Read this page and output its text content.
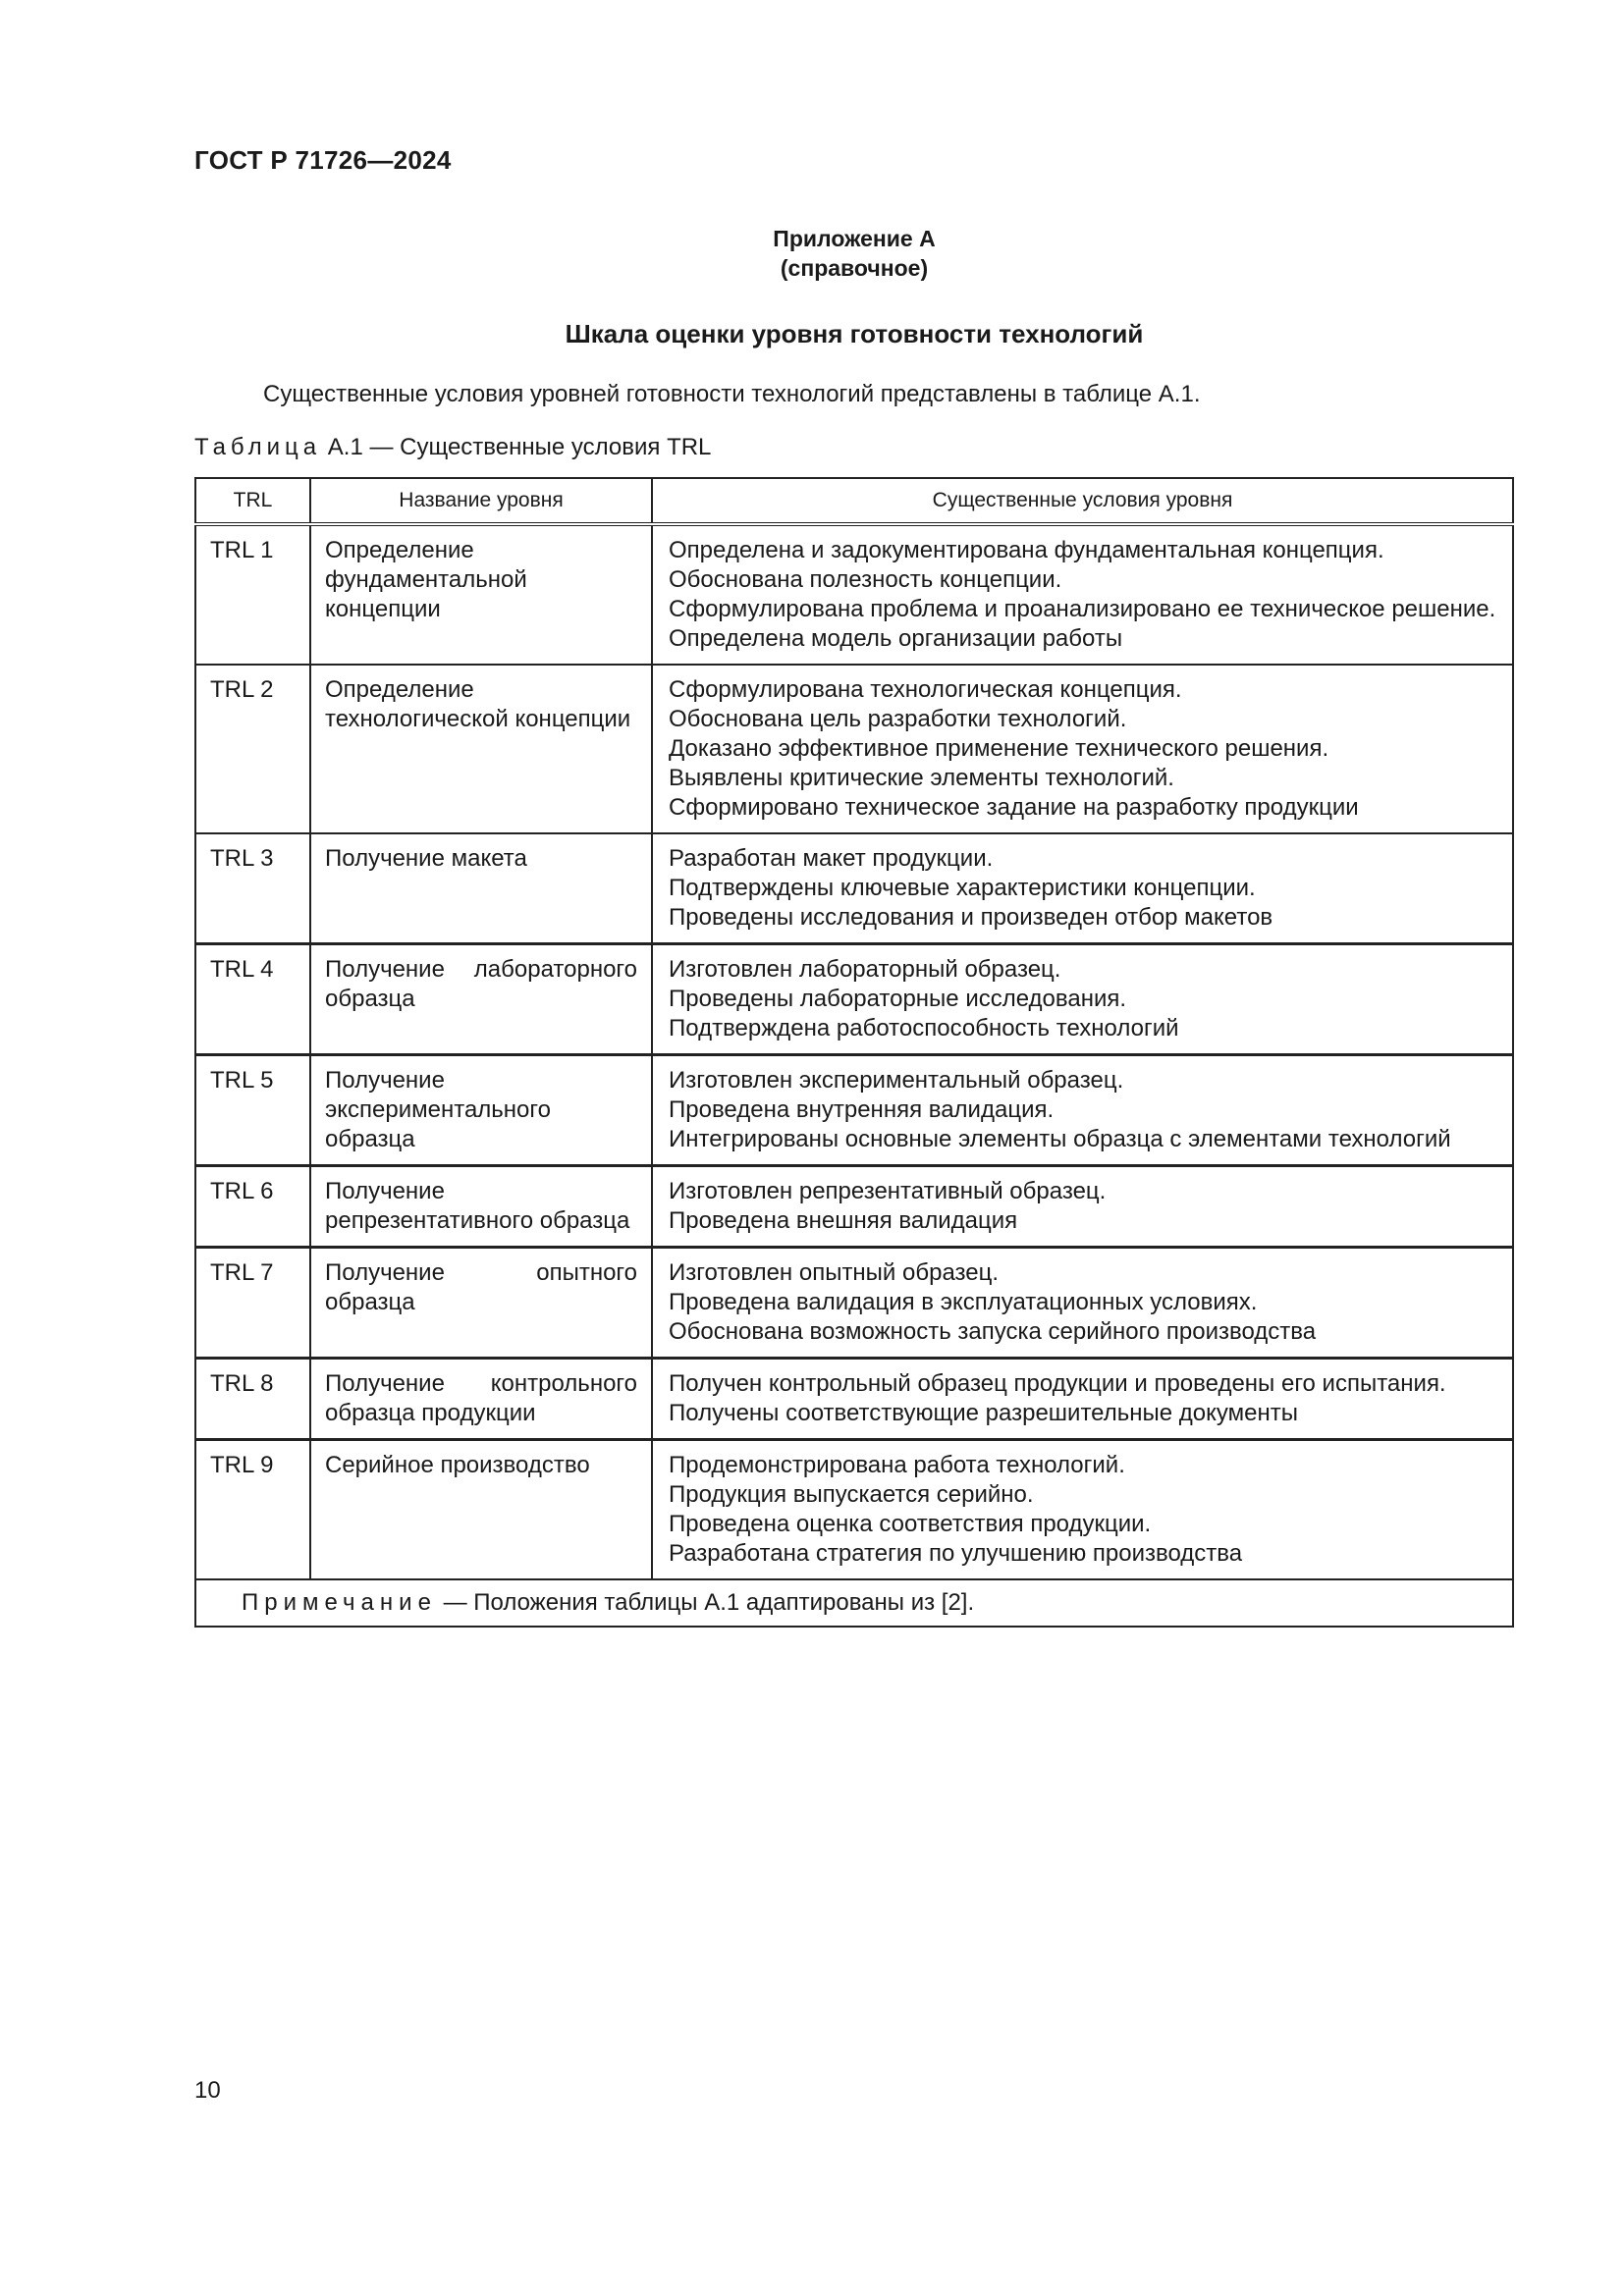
ГОСТ Р 71726—2024
Приложение А
(справочное)
Шкала оценки уровня готовности технологий
Существенные условия уровней готовности технологий представлены в таблице А.1.
Таблица А.1 — Существенные условия TRL
TRL	Название уровня	Существенные условия уровня
TRL 1	Определение фундаментальной концепции	Определена и задокументирована фундаментальная концепция.
Обоснована полезность концепции.
Сформулирована проблема и проанализировано ее техническое решение.
Определена модель организации работы

TRL 2	Определение технологической концепции	Сформулирована технологическая концепция.
Обоснована цель разработки технологий.
Доказано эффективное применение технического решения.
Выявлены критические элементы технологий.
Сформировано техническое задание на разработку продукции

TRL 3	Получение макета	Разработан макет продукции.
Подтверждены ключевые характеристики концепции.
Проведены исследования и произведен отбор макетов

TRL 4	Получение лабораторного образца	Изготовлен лабораторный образец.
Проведены лабораторные исследования.
Подтверждена работоспособность технологий

TRL 5	Получение экспериментального образца	Изготовлен экспериментальный образец.
Проведена внутренняя валидация.
Интегрированы основные элементы образца с элементами технологий

TRL 6	Получение репрезентативного образца	Изготовлен репрезентативный образец.
Проведена внешняя валидация

TRL 7	Получение опытного образца	Изготовлен опытный образец.
Проведена валидация в эксплуатационных условиях.
Обоснована возможность запуска серийного производства

TRL 8	Получение контрольного образца продукции	Получен контрольный образец продукции и проведены его испытания.
Получены соответствующие разрешительные документы

TRL 9	Серийное производство	Продемонстрирована работа технологий.
Продукция выпускается серийно.
Проведена оценка соответствия продукции.
Разработана стратегия по улучшению производства

Примечание — Положения таблицы А.1 адаптированы из [2].		
10
